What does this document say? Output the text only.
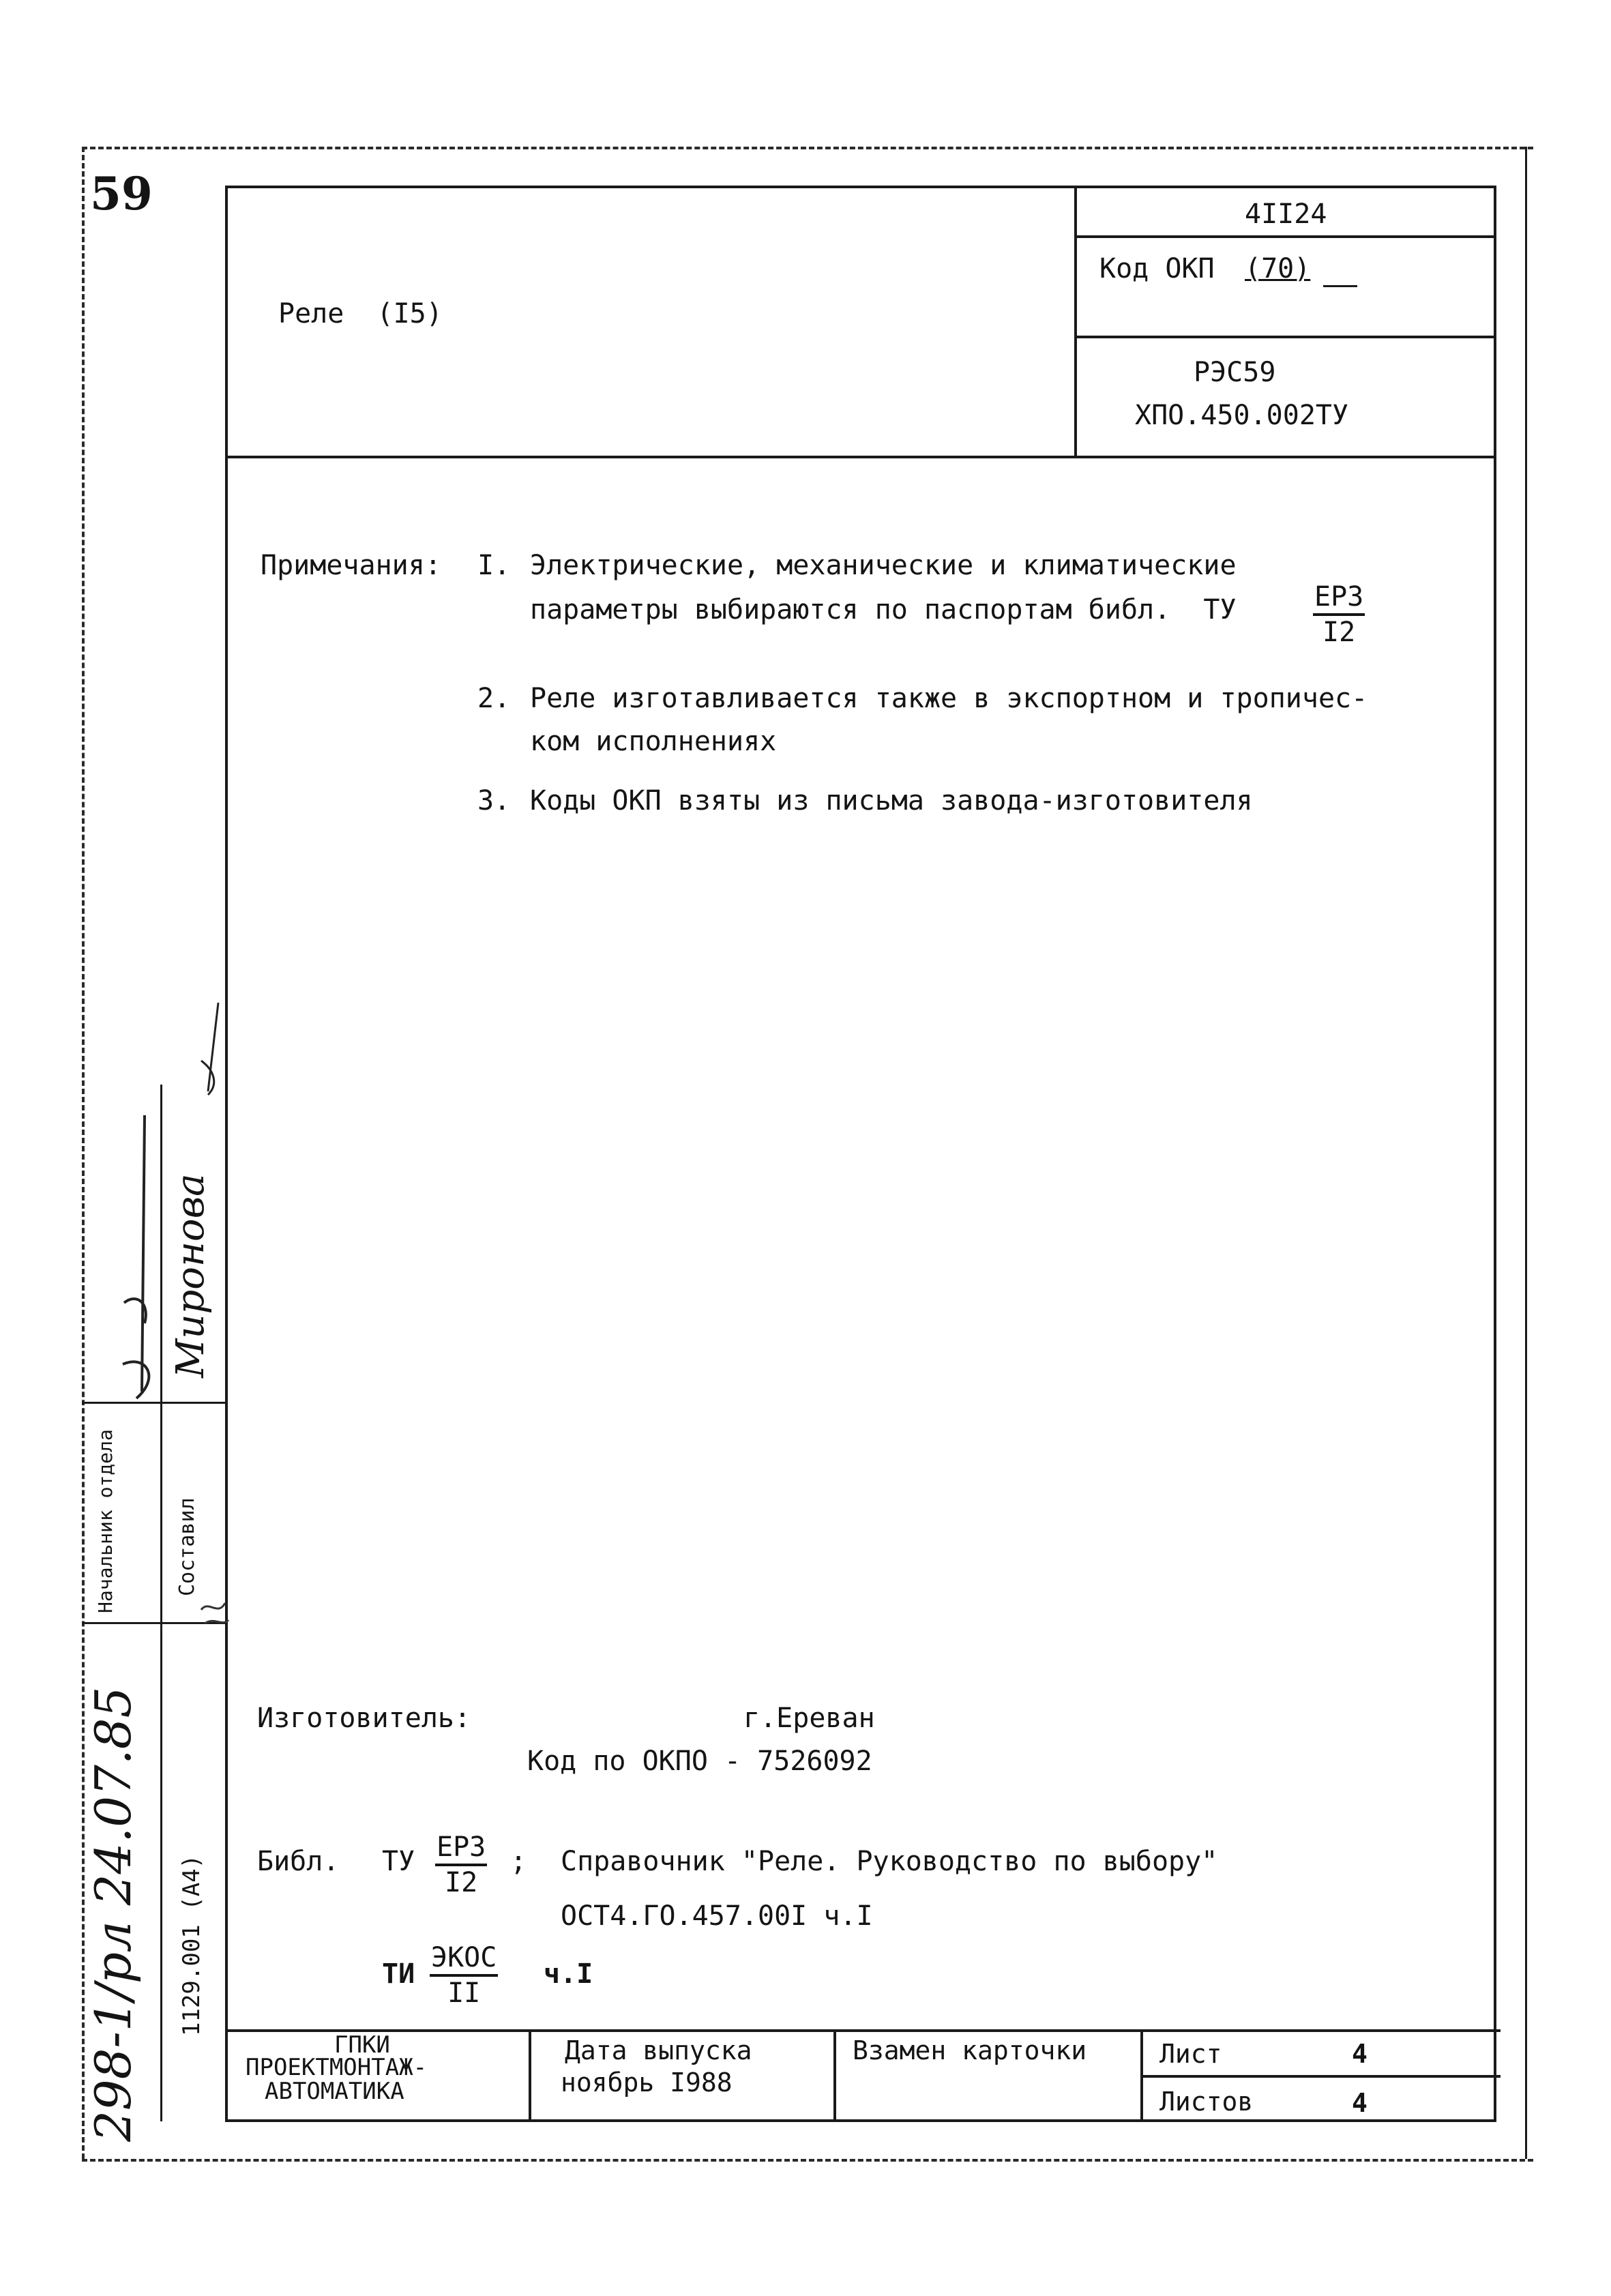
59
Реле  (I5)
4II24
Код ОКП (70)
РЭС59
ХПО.450.002ТУ
Примечания: I. Электрические, механические и климатические
параметры выбираются по паспортам библ.  ТУ	ЕРЗ
I2
2. Реле изготавливается также в экспортном и тропичес-
ком исполнениях
3. Коды ОКП взяты из письма завода-изготовителя
Изготовитель:	г.Ереван
Код по ОКПО - 7526092
Библ. ТУ ЕРЗ
I2
; Справочник "Реле. Руководство по выбору"
ОСТ4.ГО.457.00I ч.I
ТИ
ЭКОС
II
ч.I
ГПКИ
ПРОЕКТМОНТАЖ-
АВТОМАТИКА
Дата выпуска
ноябрь I988
Взамен карточки	Лист	4
Листов	4
Начальник отдела	Составил
Миронова
1129.001 (A4)
298-1/рл 24.07.85
